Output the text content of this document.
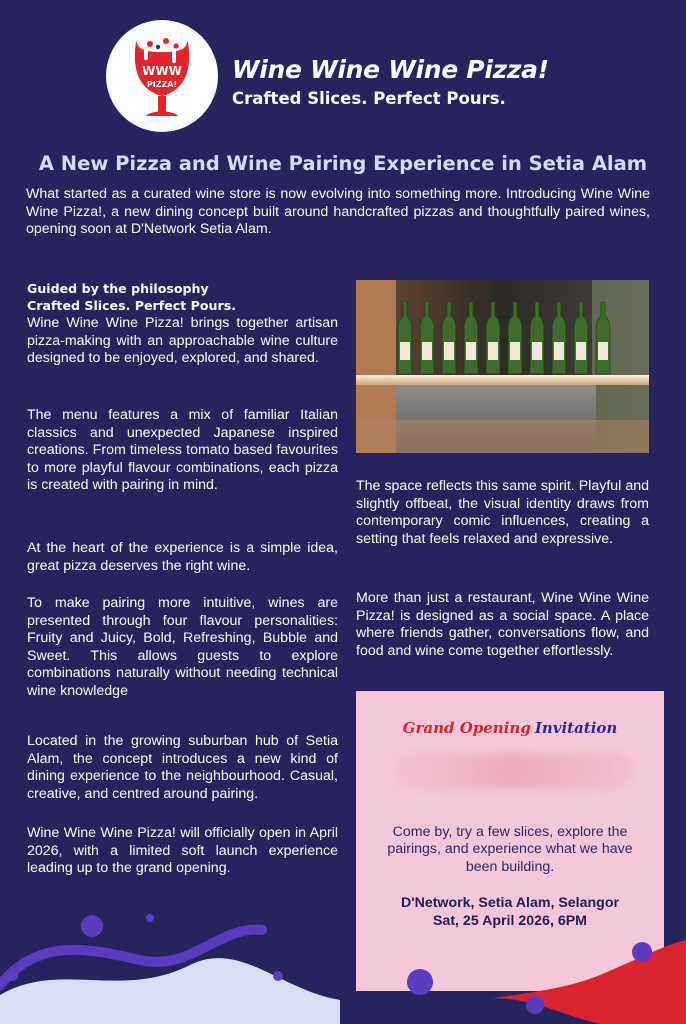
WWW
PIZZA!
Wine Wine Wine Pizza!
Crafted Slices. Perfect Pours.
A New Pizza and Wine Pairing Experience in Setia Alam

What started as a curated wine store is now evolving into something more. Introducing Wine Wine Wine Pizza!, a new dining concept built around handcrafted pizzas and thoughtfully paired wines, opening soon at D'Network Setia Alam.

Guided by the philosophy
Crafted Slices. Perfect Pours.

Wine Wine Wine Pizza! brings together artisan pizza-making with an approachable wine culture designed to be enjoyed, explored, and shared.

The menu features a mix of familiar Italian classics and unexpected Japanese inspired creations. From timeless tomato based favourites to more playful flavour combinations, each pizza is created with pairing in mind.

At the heart of the experience is a simple idea, great pizza deserves the right wine.

To make pairing more intuitive, wines are presented through four flavour personalities: Fruity and Juicy, Bold, Refreshing, Bubble and Sweet. This allows guests to explore combinations naturally without needing technical wine knowledge

Located in the growing suburban hub of Setia Alam, the concept introduces a new kind of dining experience to the neighbourhood. Casual, creative, and centred around pairing.

Wine Wine Wine Pizza! will officially open in April 2026, with a limited soft launch experience leading up to the grand opening.

The space reflects this same spirit. Playful and slightly offbeat, the visual identity draws from contemporary comic influences, creating a setting that feels relaxed and expressive.

More than just a restaurant, Wine Wine Wine Pizza! is designed as a social space. A place where friends gather, conversations flow, and food and wine come together effortlessly.

Grand Opening Invitation

Come by, try a few slices, explore the pairings, and experience what we have been building.

D'Network, Setia Alam, Selangor
Sat, 25 April 2026, 6PM
